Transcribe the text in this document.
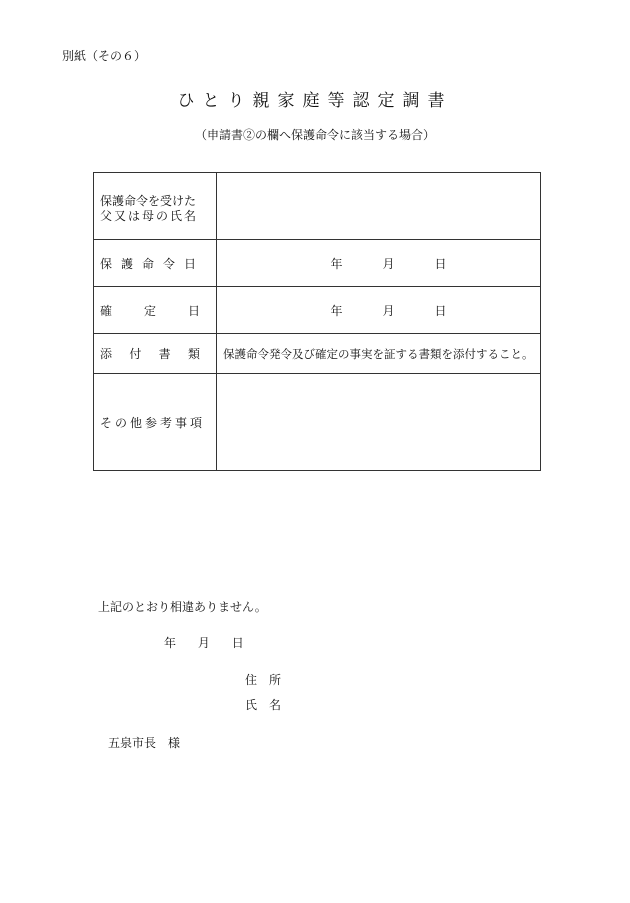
別紙（その６）
ひとり親家庭等認定調書
（申請書②の欄へ保護命令に該当する場合）
保護命令を受けた
父又は母の氏名	

保護命令日	年 月 日

確 定 日	年 月 日

添 付 書 類	保護命令発令及び確定の事実を証する書類を添付すること。

その他参考事項	
上記のとおり相違ありません。
年 月 日
住　所
氏　名
五泉市長　様
